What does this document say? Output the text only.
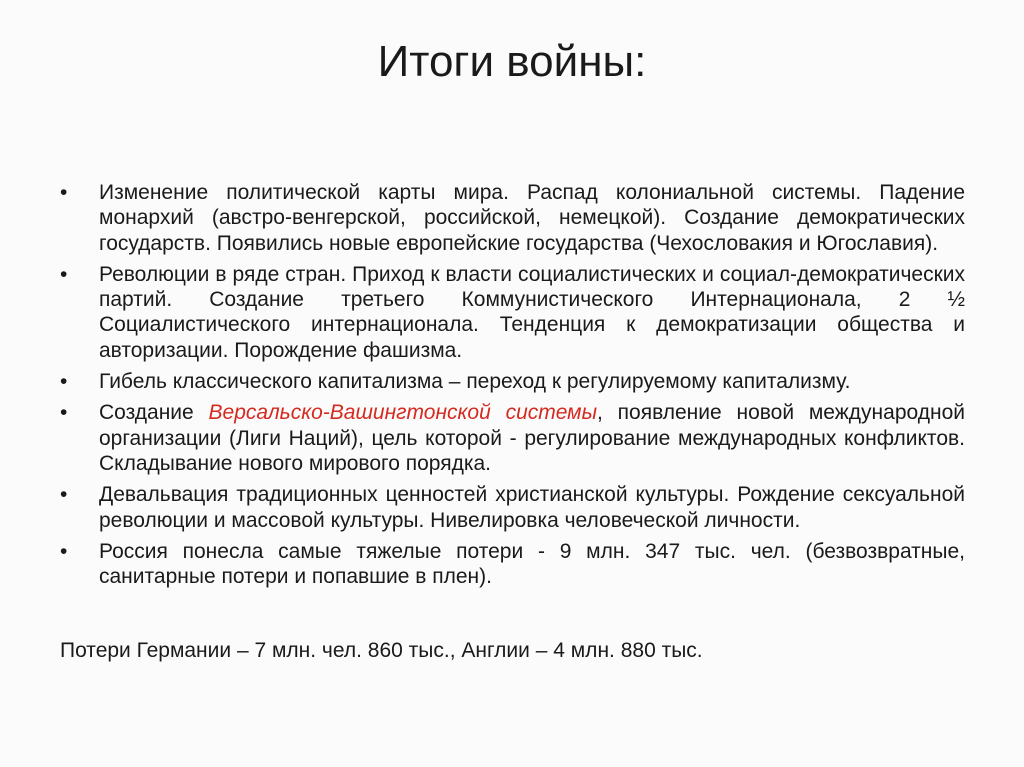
Итоги войны:
• Изменение политической карты мира. Распад колониальной системы. Падение монархий (австро-венгерской, российской, немецкой). Создание демократических государств. Появились новые европейские государства (Чехословакия и Югославия).
• Революции в ряде стран. Приход к власти социалистических и социал-демократических партий. Создание третьего Коммунистического Интернационала, 2 ½ Социалистического интернационала. Тенденция к демократизации общества и авторизации. Порождение фашизма.
• Гибель классического капитализма – переход к регулируемому капитализму.
• Создание Версальско-Вашингтонской системы, появление новой международной организации (Лиги Наций), цель которой - регулирование международных конфликтов. Складывание нового мирового порядка.
• Девальвация традиционных ценностей христианской культуры. Рождение сексуальной революции и массовой культуры. Нивелировка человеческой личности.
• Россия понесла самые тяжелые потери - 9 млн. 347 тыс. чел. (безвозвратные, санитарные потери и попавшие в плен).

Потери Германии – 7 млн. чел. 860 тыс., Англии – 4 млн. 880 тыс.
